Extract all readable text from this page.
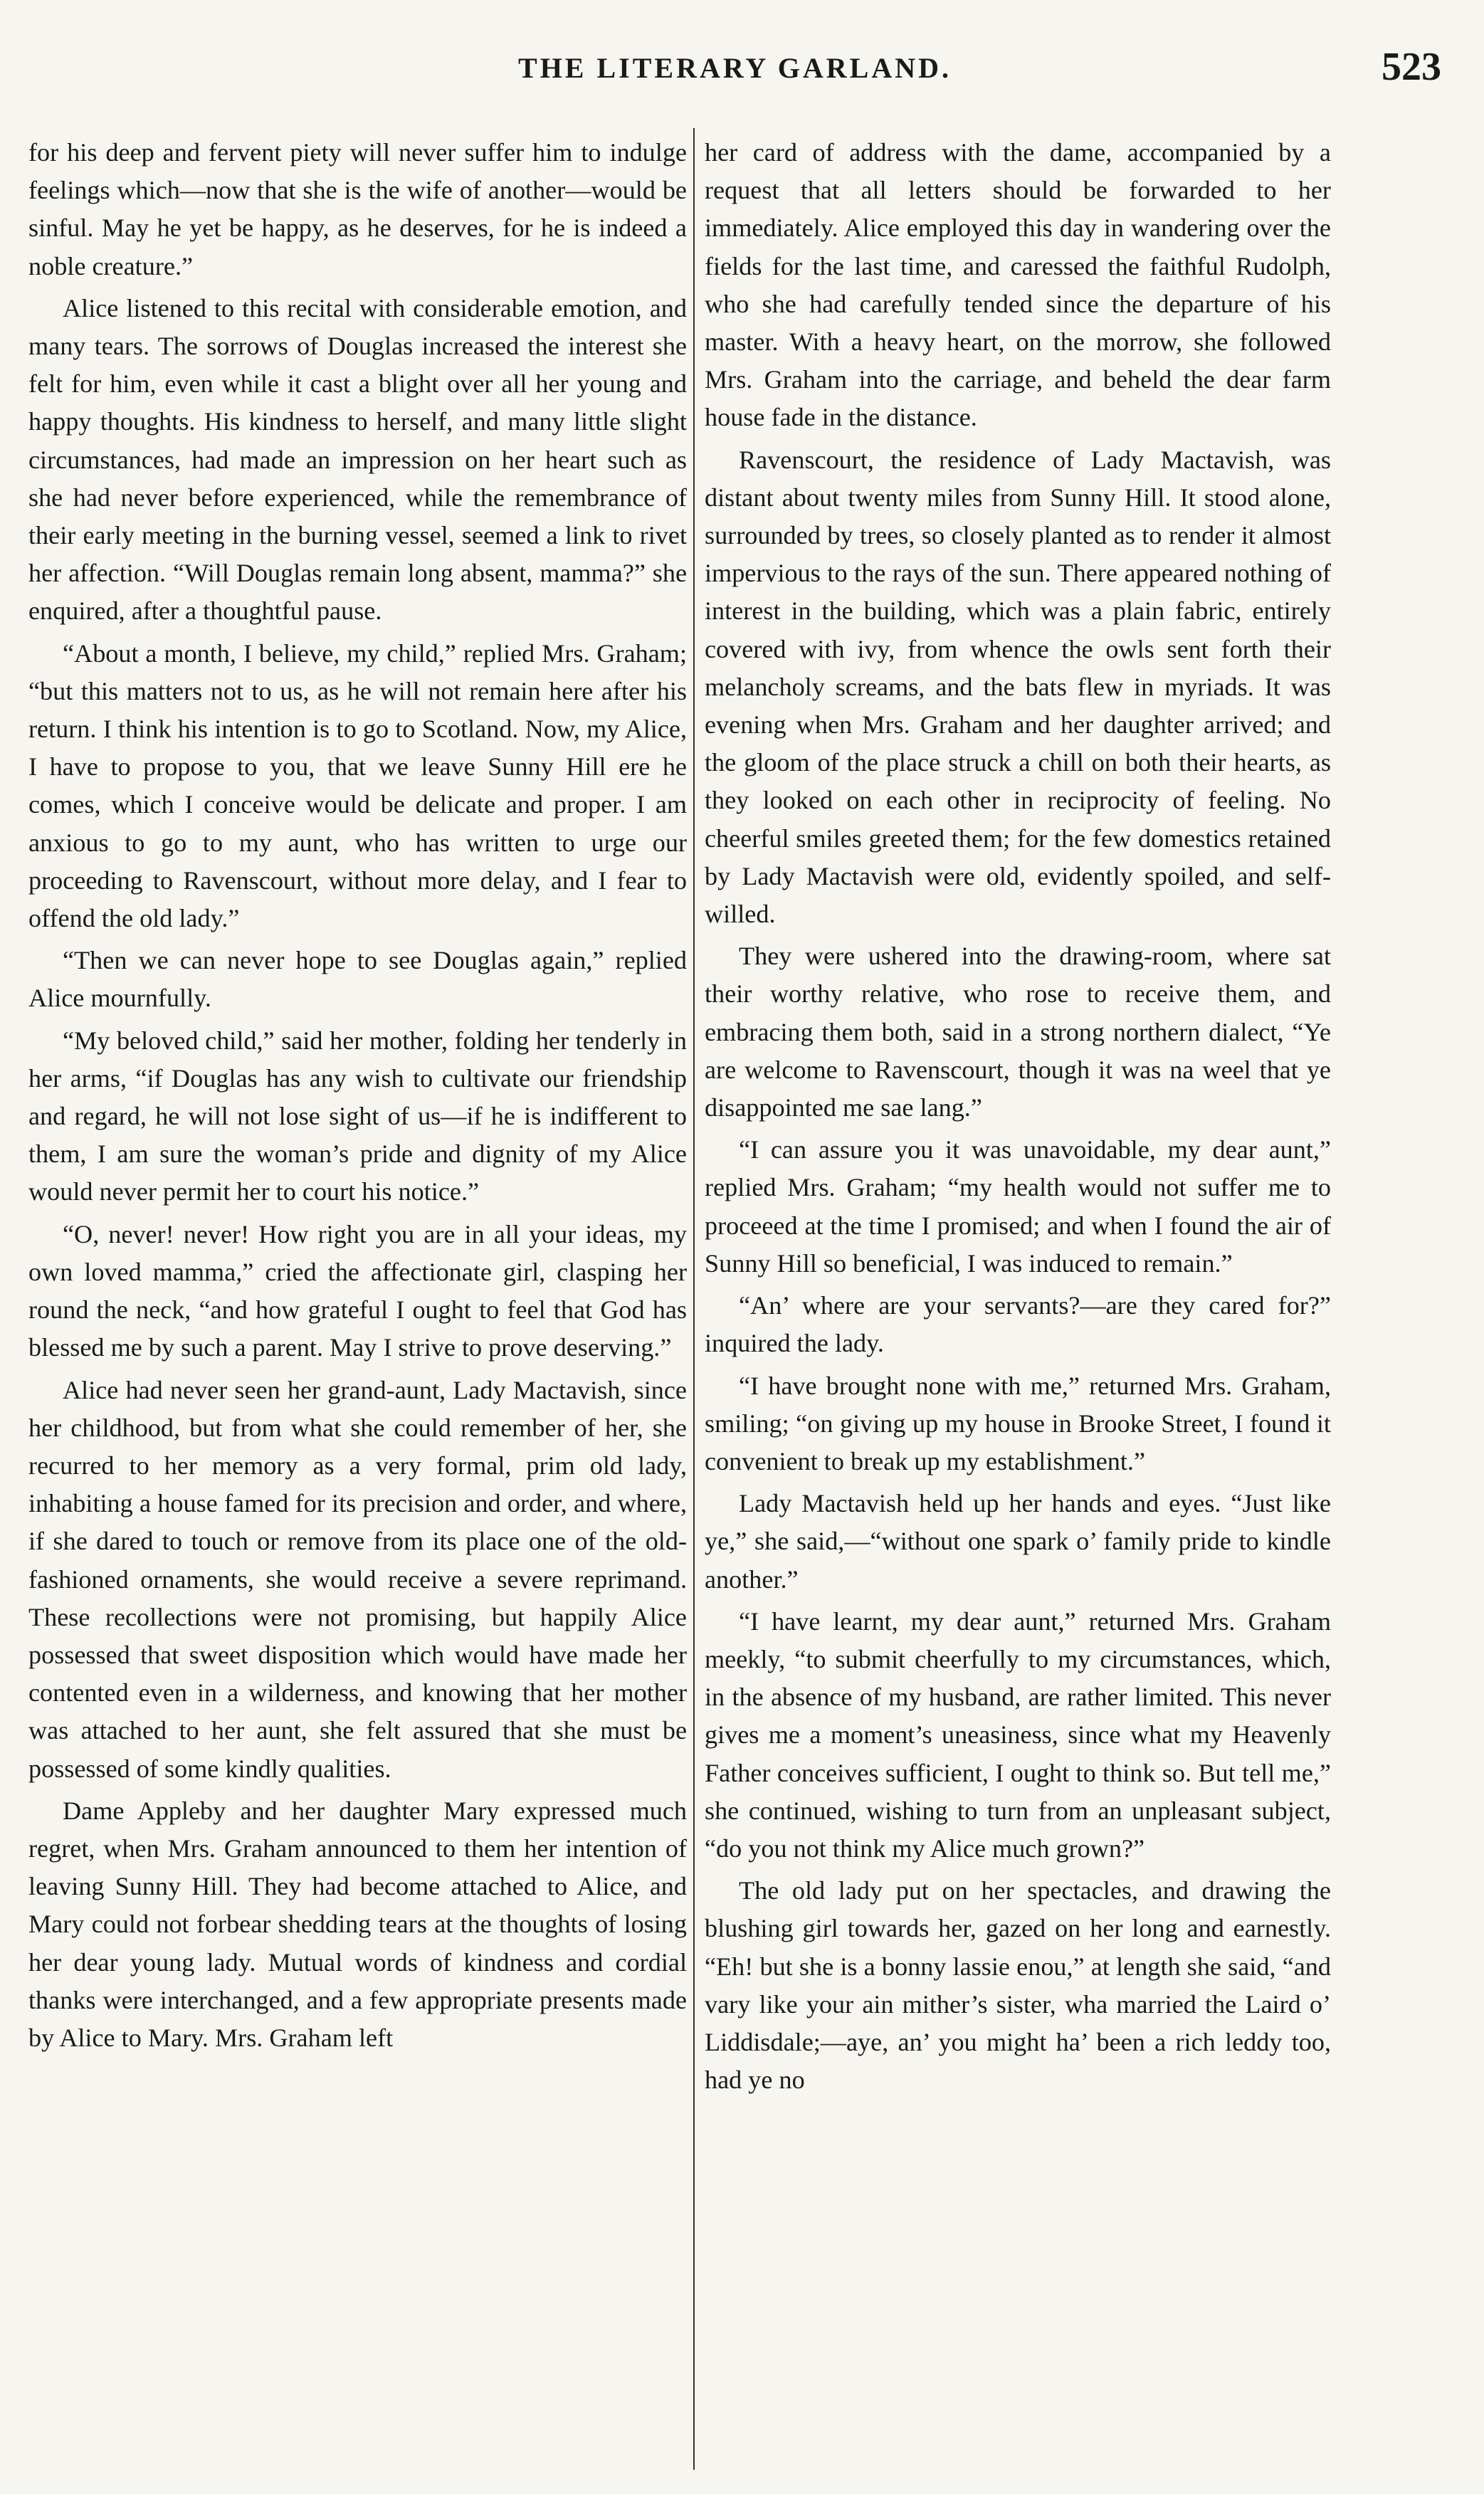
THE LITERARY GARLAND.	523

for his deep and fervent piety will never suffer him to indulge feelings which—now that she is the wife of another—would be sinful. May he yet be happy, as he deserves, for he is indeed a noble creature.”

Alice listened to this recital with considerable emotion, and many tears. The sorrows of Douglas increased the interest she felt for him, even while it cast a blight over all her young and happy thoughts. His kindness to herself, and many little slight circumstances, had made an impression on her heart such as she had never before experienced, while the remembrance of their early meeting in the burning vessel, seemed a link to rivet her affection. “Will Douglas remain long absent, mamma?” she enquired, after a thoughtful pause.

“About a month, I believe, my child,” replied Mrs. Graham; “but this matters not to us, as he will not remain here after his return. I think his intention is to go to Scotland. Now, my Alice, I have to propose to you, that we leave Sunny Hill ere he comes, which I conceive would be delicate and proper. I am anxious to go to my aunt, who has written to urge our proceeding to Ravenscourt, without more delay, and I fear to offend the old lady.”

“Then we can never hope to see Douglas again,” replied Alice mournfully.

“My beloved child,” said her mother, folding her tenderly in her arms, “if Douglas has any wish to cultivate our friendship and regard, he will not lose sight of us—if he is indifferent to them, I am sure the woman’s pride and dignity of my Alice would never permit her to court his notice.”

“O, never! never! How right you are in all your ideas, my own loved mamma,” cried the affectionate girl, clasping her round the neck, “and how grateful I ought to feel that God has blessed me by such a parent. May I strive to prove deserving.”

Alice had never seen her grand-aunt, Lady Mactavish, since her childhood, but from what she could remember of her, she recurred to her memory as a very formal, prim old lady, inhabiting a house famed for its precision and order, and where, if she dared to touch or remove from its place one of the old-fashioned ornaments, she would receive a severe reprimand. These recollections were not promising, but happily Alice possessed that sweet disposition which would have made her contented even in a wilderness, and knowing that her mother was attached to her aunt, she felt assured that she must be possessed of some kindly qualities.

Dame Appleby and her daughter Mary expressed much regret, when Mrs. Graham announced to them her intention of leaving Sunny Hill. They had become attached to Alice, and Mary could not forbear shedding tears at the thoughts of losing her dear young lady. Mutual words of kindness and cordial thanks were interchanged, and a few appropriate presents made by Alice to Mary. Mrs. Graham left

her card of address with the dame, accompanied by a request that all letters should be forwarded to her immediately. Alice employed this day in wandering over the fields for the last time, and caressed the faithful Rudolph, who she had carefully tended since the departure of his master. With a heavy heart, on the morrow, she followed Mrs. Graham into the carriage, and beheld the dear farm house fade in the distance.

Ravenscourt, the residence of Lady Mactavish, was distant about twenty miles from Sunny Hill. It stood alone, surrounded by trees, so closely planted as to render it almost impervious to the rays of the sun. There appeared nothing of interest in the building, which was a plain fabric, entirely covered with ivy, from whence the owls sent forth their melancholy screams, and the bats flew in myriads. It was evening when Mrs. Graham and her daughter arrived; and the gloom of the place struck a chill on both their hearts, as they looked on each other in reciprocity of feeling. No cheerful smiles greeted them; for the few domestics retained by Lady Mactavish were old, evidently spoiled, and self-willed.

They were ushered into the drawing-room, where sat their worthy relative, who rose to receive them, and embracing them both, said in a strong northern dialect, “Ye are welcome to Ravenscourt, though it was na weel that ye disappointed me sae lang.”

“I can assure you it was unavoidable, my dear aunt,” replied Mrs. Graham; “my health would not suffer me to proceeed at the time I promised; and when I found the air of Sunny Hill so beneficial, I was induced to remain.”

“An’ where are your servants?—are they cared for?” inquired the lady.

“I have brought none with me,” returned Mrs. Graham, smiling; “on giving up my house in Brooke Street, I found it convenient to break up my establishment.”

Lady Mactavish held up her hands and eyes. “Just like ye,” she said,—“without one spark o’ family pride to kindle another.”

“I have learnt, my dear aunt,” returned Mrs. Graham meekly, “to submit cheerfully to my circumstances, which, in the absence of my husband, are rather limited. This never gives me a moment’s uneasiness, since what my Heavenly Father conceives sufficient, I ought to think so. But tell me,” she continued, wishing to turn from an unpleasant subject, “do you not think my Alice much grown?”

The old lady put on her spectacles, and drawing the blushing girl towards her, gazed on her long and earnestly. “Eh! but she is a bonny lassie enou,” at length she said, “and vary like your ain mither’s sister, wha married the Laird o’ Liddisdale;—aye, an’ you might ha’ been a rich leddy too, had ye no
